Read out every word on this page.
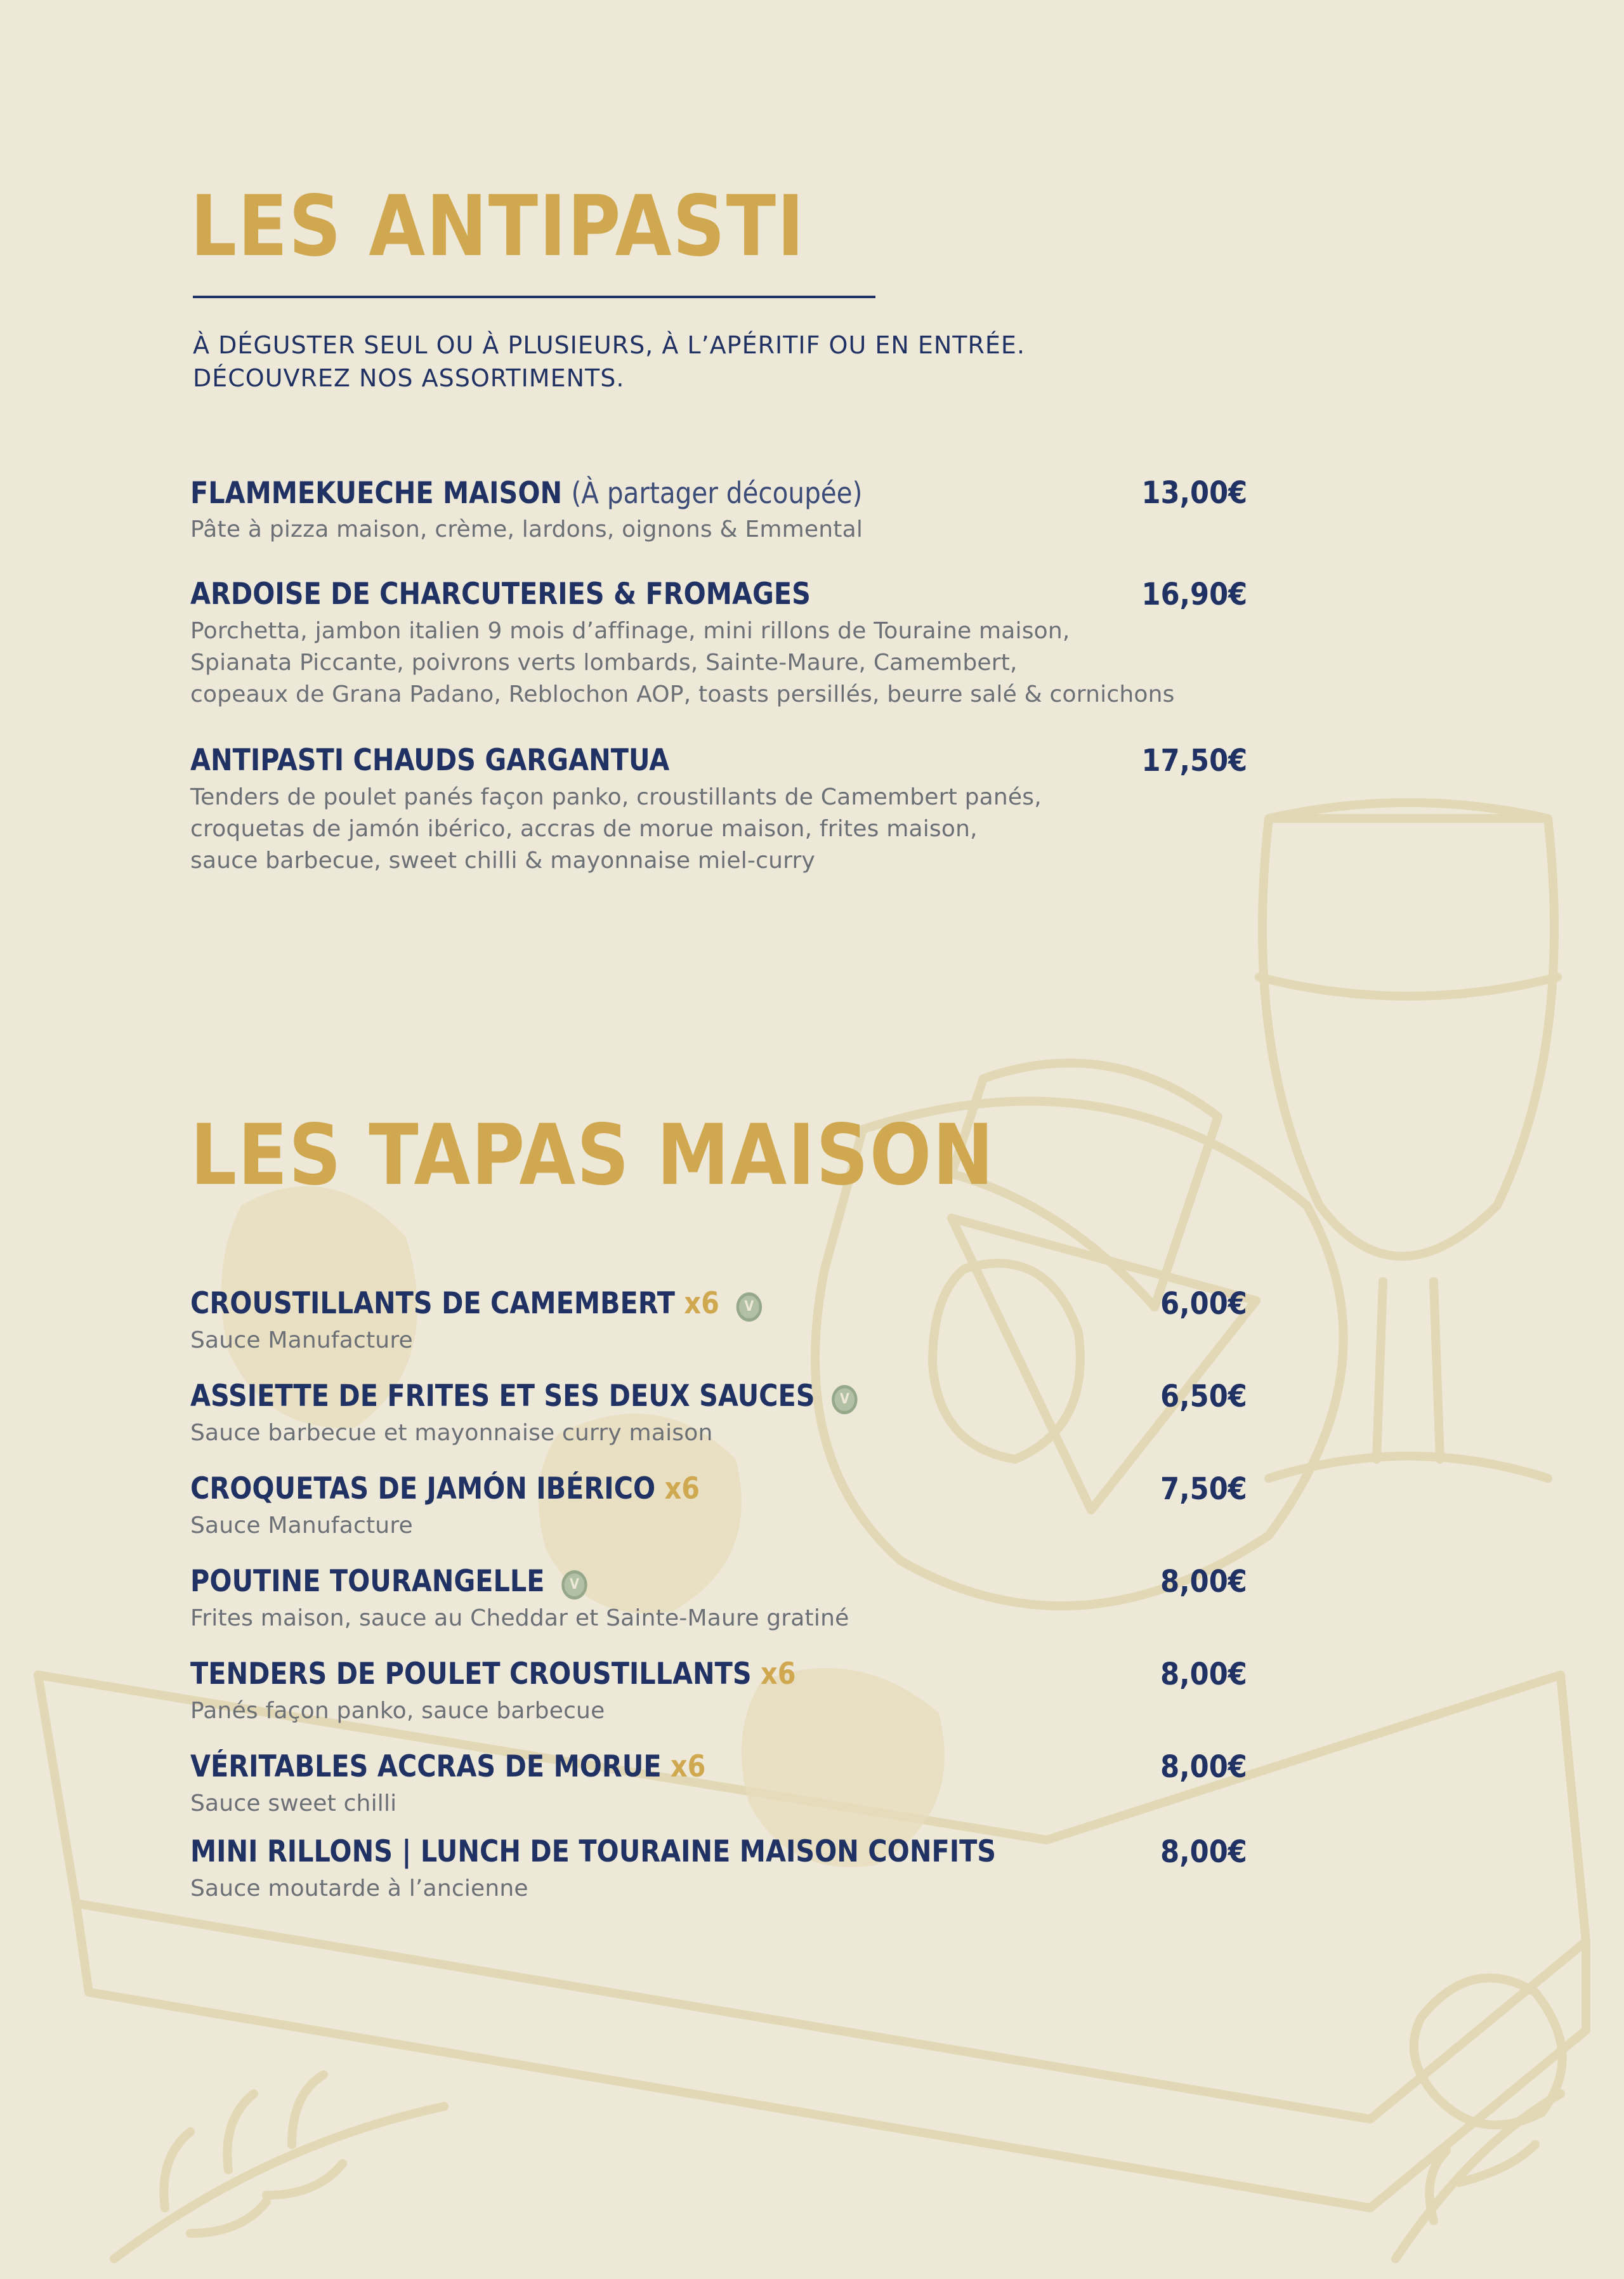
LES ANTIPASTI
À DÉGUSTER SEUL OU À PLUSIEURS, À L’APÉRITIF OU EN ENTRÉE.
DÉCOUVREZ NOS ASSORTIMENTS.
FLAMMEKUECHE MAISON (À partager découpée)	13,00€
Pâte à pizza maison, crème, lardons, oignons & Emmental
ARDOISE DE CHARCUTERIES & FROMAGES	16,90€
Porchetta, jambon italien 9 mois d’affinage, mini rillons de Touraine maison,
Spianata Piccante, poivrons verts lombards, Sainte-Maure, Camembert,
copeaux de Grana Padano, Reblochon AOP, toasts persillés, beurre salé & cornichons
ANTIPASTI CHAUDS GARGANTUA	17,50€
Tenders de poulet panés façon panko, croustillants de Camembert panés,
croquetas de jamón ibérico, accras de morue maison, frites maison,
sauce barbecue, sweet chilli & mayonnaise miel-curry
LES TAPAS MAISON
CROUSTILLANTS DE CAMEMBERT x6 V	6,00€
Sauce Manufacture
ASSIETTE DE FRITES ET SES DEUX SAUCES V	6,50€
Sauce barbecue et mayonnaise curry maison
CROQUETAS DE JAMÓN IBÉRICO x6	7,50€
Sauce Manufacture
POUTINE TOURANGELLE V	8,00€
Frites maison, sauce au Cheddar et Sainte-Maure gratiné
TENDERS DE POULET CROUSTILLANTS x6	8,00€
Panés façon panko, sauce barbecue
VÉRITABLES ACCRAS DE MORUE x6	8,00€
Sauce sweet chilli
MINI RILLONS | LUNCH DE TOURAINE MAISON CONFITS	8,00€
Sauce moutarde à l’ancienne
